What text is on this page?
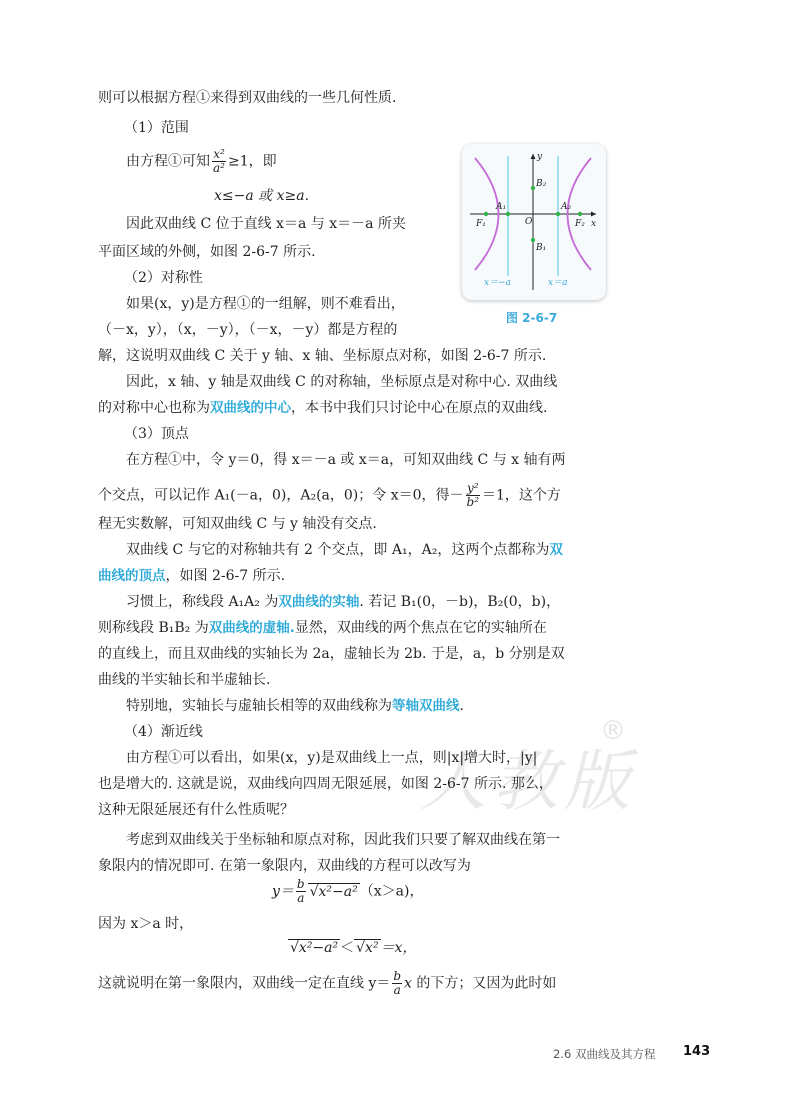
人教版
®
则可以根据方程①来得到双曲线的一些几何性质.
（1）范围
由方程①可知 $\frac{\text{x²}}{\text{a²}} \ge 1$，即
x≤−a 或 x≥a.
因此双曲线 C 位于直线 x＝a 与 x＝－a 所夹
平面区域的外侧，如图 2-6-7 所示.
（2）对称性
如果(x，y)是方程①的一组解，则不难看出，
（－x，y），（x，－y），（－x，－y）都是方程的
解，这说明双曲线 C 关于 y 轴、x 轴、坐标原点对称，如图 2-6-7 所示.
因此，x 轴、y 轴是双曲线 C 的对称轴，坐标原点是对称中心. 双曲线
的对称中心也称为双曲线的中心，本书中我们只讨论中心在原点的双曲线.
（3）顶点
在方程①中，令 y＝0，得 x＝－a 或 x＝a，可知双曲线 C 与 x 轴有两
个交点，可以记作 A₁(－a，0)，A₂(a，0)；令 x＝0，得－ $\frac{\text{y²}}{\text{b²}} =1$，这个方
程无实数解，可知双曲线 C 与 y 轴没有交点.
双曲线 C 与它的对称轴共有 2 个交点，即 A₁，A₂，这两个点都称为双
曲线的顶点，如图 2-6-7 所示.
习惯上，称线段 A₁A₂ 为双曲线的实轴. 若记 B₁(0，－b)，B₂(0，b)，
则称线段 B₁B₂ 为双曲线的虚轴.显然，双曲线的两个焦点在它的实轴所在
的直线上，而且双曲线的实轴长为 2a，虚轴长为 2b. 于是，a，b 分别是双
曲线的半实轴长和半虚轴长.
特别地，实轴长与虚轴长相等的双曲线称为等轴双曲线.
（4）渐近线
由方程①可以看出，如果(x，y)是双曲线上一点，则|x|增大时，|y|
也是增大的. 这就是说，双曲线向四周无限延展，如图 2-6-7 所示. 那么，
这种无限延展还有什么性质呢？
考虑到双曲线关于坐标轴和原点对称，因此我们只要了解双曲线在第一
象限内的情况即可. 在第一象限内，双曲线的方程可以改写为
$y= \frac{b}{a} √x^2-a^2$ （x＞a)，
因为 x＞a 时，
√x²−a² ＜ √x² ＝x，
这就说明在第一象限内，双曲线一定在直线 $y= \frac{b}{a}$ x 的下方；又因为此时如
y
x
O
A₁	A₂
B₂
B₁
F₁	F₂
x＝−a	x＝a
图 2-6-7
2.6 双曲线及其方程 143
